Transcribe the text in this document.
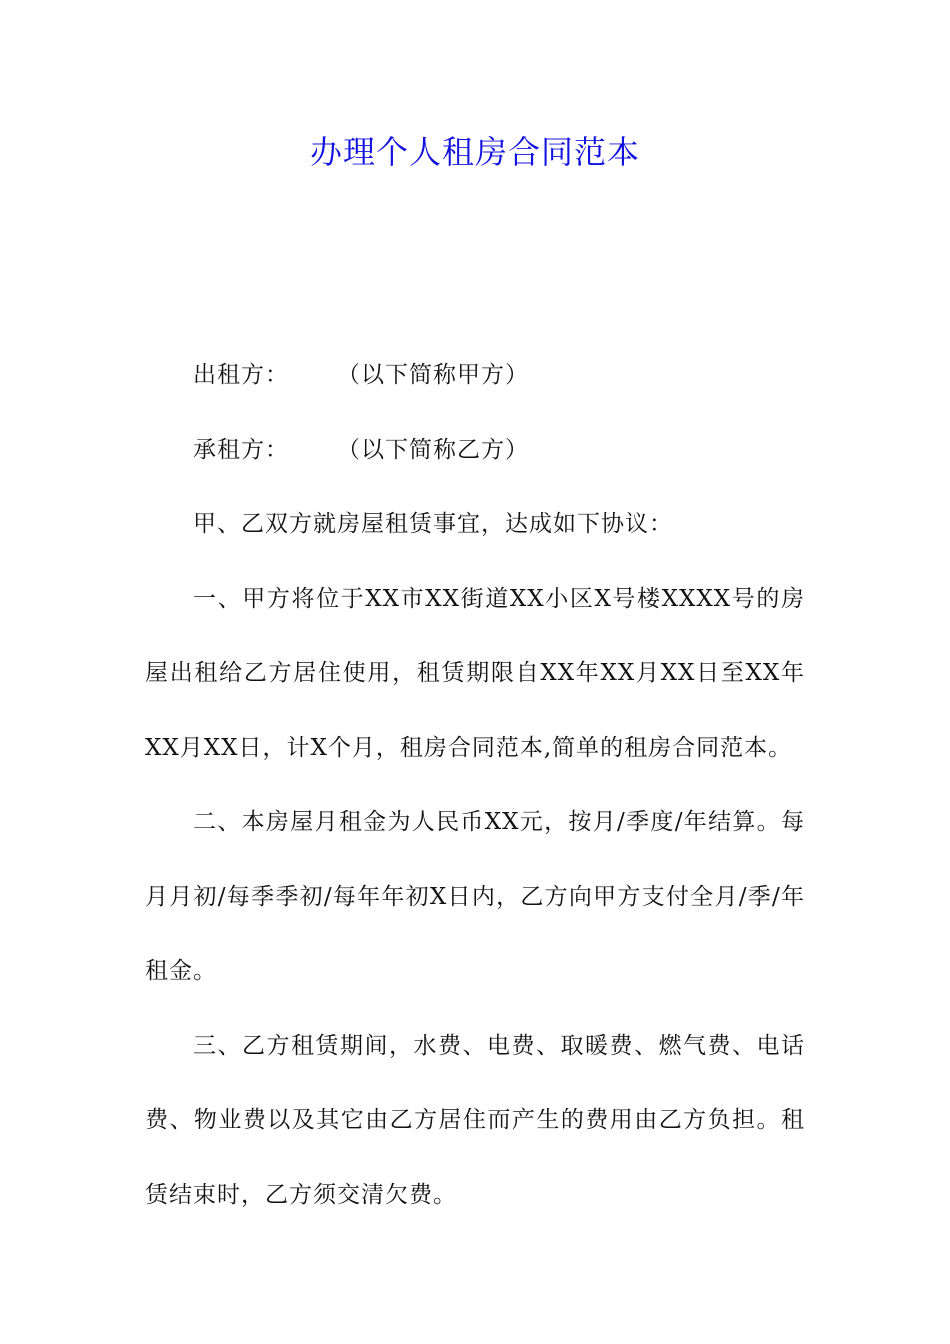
办理个人租房合同范本

出租方： （以下简称甲方）

承租方： （以下简称乙方）

甲、乙双方就房屋租赁事宜，达成如下协议：

一、甲方将位于XX市XX街道XX小区X号楼XXXX号的房屋出租给乙方居住使用，租赁期限自XX年XX月XX日至XX年XX月XX日，计X个月，租房合同范本,简单的租房合同范本。

二、本房屋月租金为人民币XX元，按月/季度/年结算。每月月初/每季季初/每年年初X日内，乙方向甲方支付全月/季/年租金。

三、乙方租赁期间，水费、电费、取暖费、燃气费、电话费、物业费以及其它由乙方居住而产生的费用由乙方负担。租赁结束时，乙方须交清欠费。
